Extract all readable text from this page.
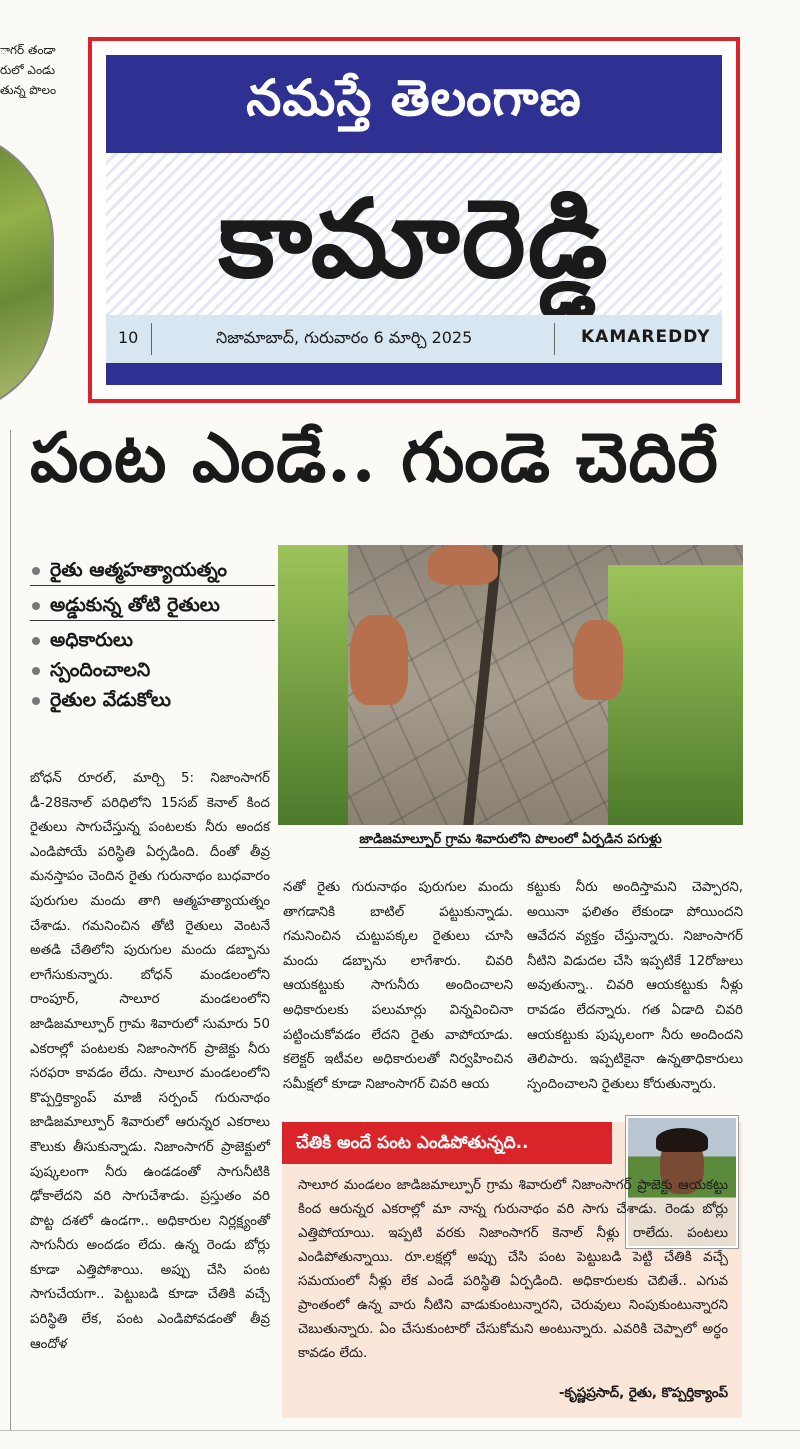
ాగర్ తండా
రులో ఎండు
తున్న పొలం	నమస్తే తెలంగాణ
కామారెడ్డి
10	నిజామాబాద్, గురువారం 6 మార్చి 2025	KAMAREDDY
పంట ఎండే.. గుండె చెదిరే
రైతు ఆత్మహత్యాయత్నం
అడ్డుకున్న తోటి రైతులు
అధికారులు
స్పందించాలని
రైతుల వేడుకోలు
జాడిజమాల్పూర్ గ్రామ శివారులోని పొలంలో ఏర్పడిన పగుళ్లు
బోధన్ రూరల్, మార్చి 5: నిజాంసాగర్ డీ-28కెనాల్ పరిధిలోని 15సబ్ కెనాల్ కింద రైతులు సాగుచేస్తున్న పంటలకు నీరు అందక ఎండిపోయే పరిస్థితి ఏర్పడింది. దీంతో తీవ్ర మనస్తాపం చెందిన రైతు గురునాథం బుధవారం పురుగుల మందు తాగి ఆత్మహత్యాయత్నం చేశాడు. గమనించిన తోటి రైతులు వెంటనే అతడి చేతిలోని పురుగుల మందు డబ్బాను లాగేసుకున్నారు. బోధన్ మండలంలోని రాంపూర్, సాలూర మండలంలోని జాడిజమాల్పూర్ గ్రామ శివారులో సుమారు 50 ఎకరాల్లో పంటలకు నిజాంసాగర్ ప్రాజెక్టు నీరు సరఫరా కావడం లేదు. సాలూర మండలంలోని కొప్పర్తిక్యాంప్ మాజీ సర్పంచ్ గురునాథం జాడిజమాల్పూర్ శివారులో ఆరున్నర ఎకరాలు కౌలుకు తీసుకున్నాడు. నిజాంసాగర్ ప్రాజెక్టులో పుష్కలంగా నీరు ఉండడంతో సాగునీటికి ఢోకాలేదని వరి సాగుచేశాడు. ప్రస్తుతం వరి పొట్ట దశలో ఉండగా.. అధికారుల నిర్లక్ష్యంతో సాగునీరు అందడం లేదు. ఉన్న రెండు బోర్లు కూడా ఎత్తిపోశాయి. అప్పు చేసి పంట సాగుచేయగా.. పెట్టుబడి కూడా చేతికి వచ్చే పరిస్థితి లేక, పంట ఎండిపోవడంతో తీవ్ర ఆందోళ
నతో రైతు గురునాథం పురుగుల మందు తాగడానికి బాటిల్ పట్టుకున్నాడు. గమనించిన చుట్టుపక్కల రైతులు చూసి మందు డబ్బాను లాగేశారు. చివరి ఆయకట్టుకు సాగునీరు అందించాలని అధికారులకు పలుమార్లు విన్నవించినా పట్టించుకోవడం లేదని రైతు వాపోయాడు. కలెక్టర్ ఇటీవల అధికారులతో నిర్వహించిన సమీక్షలో కూడా నిజాంసాగర్ చివరి ఆయ
కట్టుకు నీరు అందిస్తామని చెప్పారని, అయినా ఫలితం లేకుండా పోయిందని ఆవేదన వ్యక్తం చేస్తున్నారు. నిజాంసాగర్ నీటిని విడుదల చేసి ఇప్పటికే 12రోజులు అవుతున్నా.. చివరి ఆయకట్టుకు నీళ్లు రావడం లేదన్నారు. గత ఏడాది చివరి ఆయకట్టుకు పుష్కలంగా నీరు అందిందని తెలిపారు. ఇప్పటికైనా ఉన్నతాధికారులు స్పందించాలని రైతులు కోరుతున్నారు.
చేతికి అందే పంట ఎండిపోతున్నది..
సాలూర మండలం జాడిజమాల్పూర్ గ్రామ శివారులో నిజాంసాగర్ ప్రాజెక్టు ఆయకట్టు కింద ఆరున్నర ఎకరాల్లో మా నాన్న గురునాథం వరి సాగు చేశాడు. రెండు బోర్లు ఎత్తిపోయాయి. ఇప్పటి వరకు నిజాంసాగర్ కెనాల్ నీళ్లు రాలేదు. పంటలు ఎండిపోతున్నాయి. రూ.లక్షల్లో అప్పు చేసి పంట పెట్టుబడి పెట్టి చేతికి వచ్చే సమయంలో నీళ్లు లేక ఎండే పరిస్థితి ఏర్పడింది. అధికారులకు చెబితే.. ఎగువ ప్రాంతంలో ఉన్న వారు నీటిని వాడుకుంటున్నారని, చెరువులు నింపుకుంటున్నారని చెబుతున్నారు. ఏం చేసుకుంటారో చేసుకోమని అంటున్నారు. ఎవరికి చెప్పాలో అర్థం కావడం లేదు.
-కృష్ణప్రసాద్, రైతు, కొప్పర్తిక్యాంప్
